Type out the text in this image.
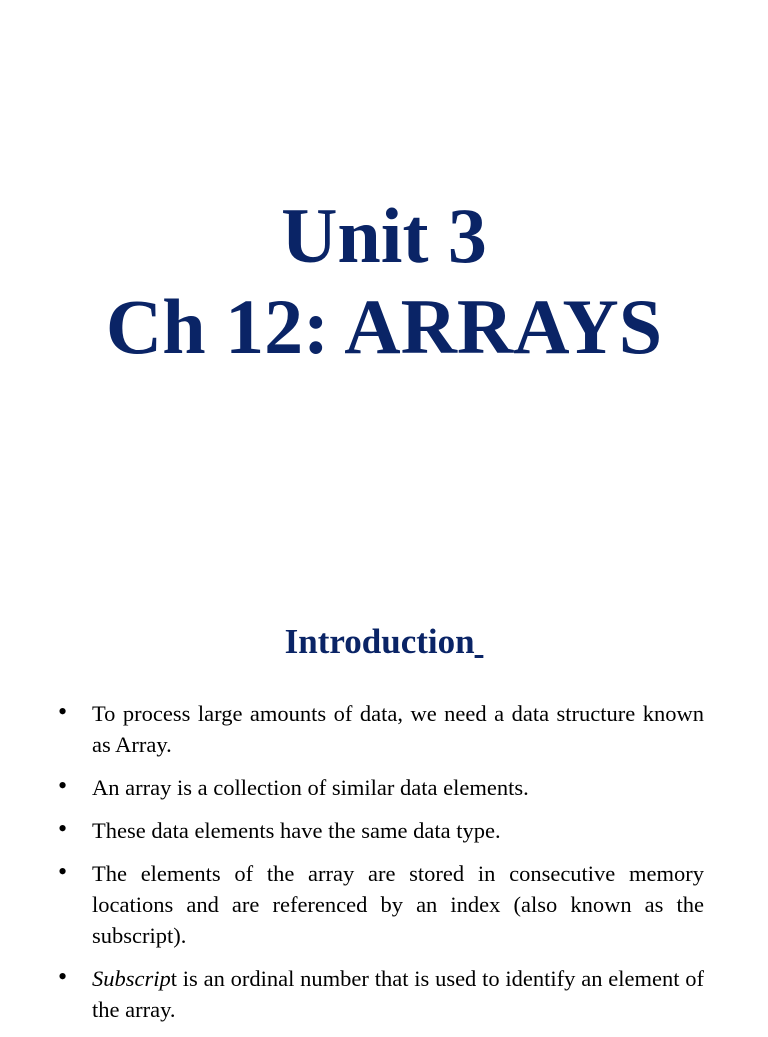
Unit 3
Ch 12: ARRAYS
Introduction
• To process large amounts of data, we need a data structure known as Array.
• An array is a collection of similar data elements.
• These data elements have the same data type.
• The elements of the array are stored in consecutive memory locations and are referenced by an index (also known as the subscript).
• Subscript is an ordinal number that is used to identify an element of the array.
